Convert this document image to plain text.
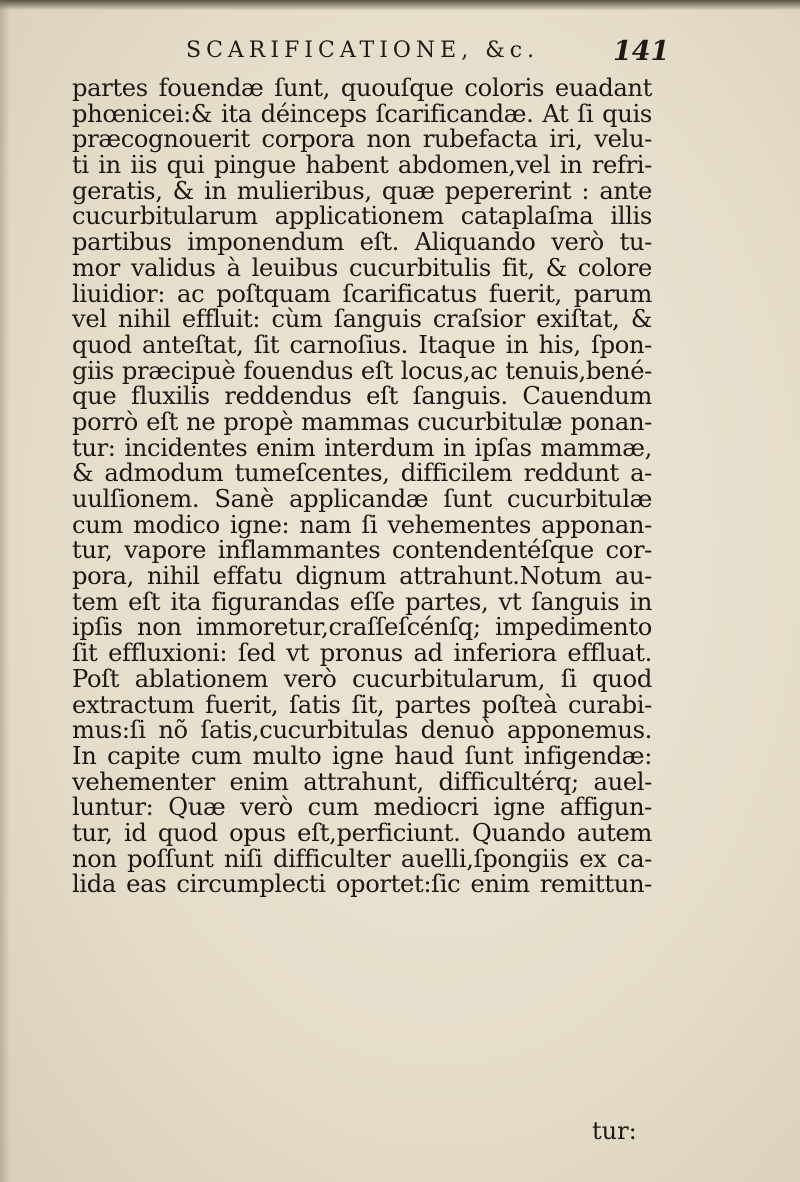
SCARIFICATIONE, &c.	141
partes fouendæ ſunt, quouſque coloris euadant
phœnicei:& ita déinceps ſcarificandæ. At ſi quis
præcognouerit corpora non rubefacta iri, velu-
ti in iis qui pingue habent abdomen,vel in refri-
geratis, & in mulieribus, quæ pepererint : ante
cucurbitularum applicationem cataplaſma illis
partibus imponendum eſt. Aliquando verò tu-
mor validus à leuibus cucurbitulis fit, & colore
liuidior: ac poſtquam ſcarificatus fuerit, parum
vel nihil effluit: cùm ſanguis craſsior exiſtat, &
quod anteſtat, ſit carnoſius. Itaque in his, ſpon-
giis præcipuè fouendus eſt locus,ac tenuis,bené-
que fluxilis reddendus eſt ſanguis. Cauendum
porrò eſt ne propè mammas cucurbitulæ ponan-
tur: incidentes enim interdum in ipſas mammæ,
& admodum tumeſcentes, difficilem reddunt a-
uulſionem. Sanè applicandæ ſunt cucurbitulæ
cum modico igne: nam ſi vehementes apponan-
tur, vapore inflammantes contendentéſque cor-
pora, nihil effatu dignum attrahunt.Notum au-
tem eſt ita figurandas eſſe partes, vt ſanguis in
ipſis non immoretur,craſſeſcénſq; impedimento
ſit effluxioni: ſed vt pronus ad inferiora effluat.
Poſt ablationem verò cucurbitularum, ſi quod
extractum fuerit, ſatis ſit, partes poſteà curabi-
mus:ſi nõ ſatis,cucurbitulas denuò apponemus.
In capite cum multo igne haud ſunt infigendæ:
vehementer enim attrahunt, difficultérq; auel-
luntur: Quæ verò cum mediocri igne affigun-
tur, id quod opus eſt,perficiunt. Quando autem
non poſſunt niſi difficulter auelli,ſpongiis ex ca-
lida eas circumplecti oportet:ſic enim remittun-
tur:
